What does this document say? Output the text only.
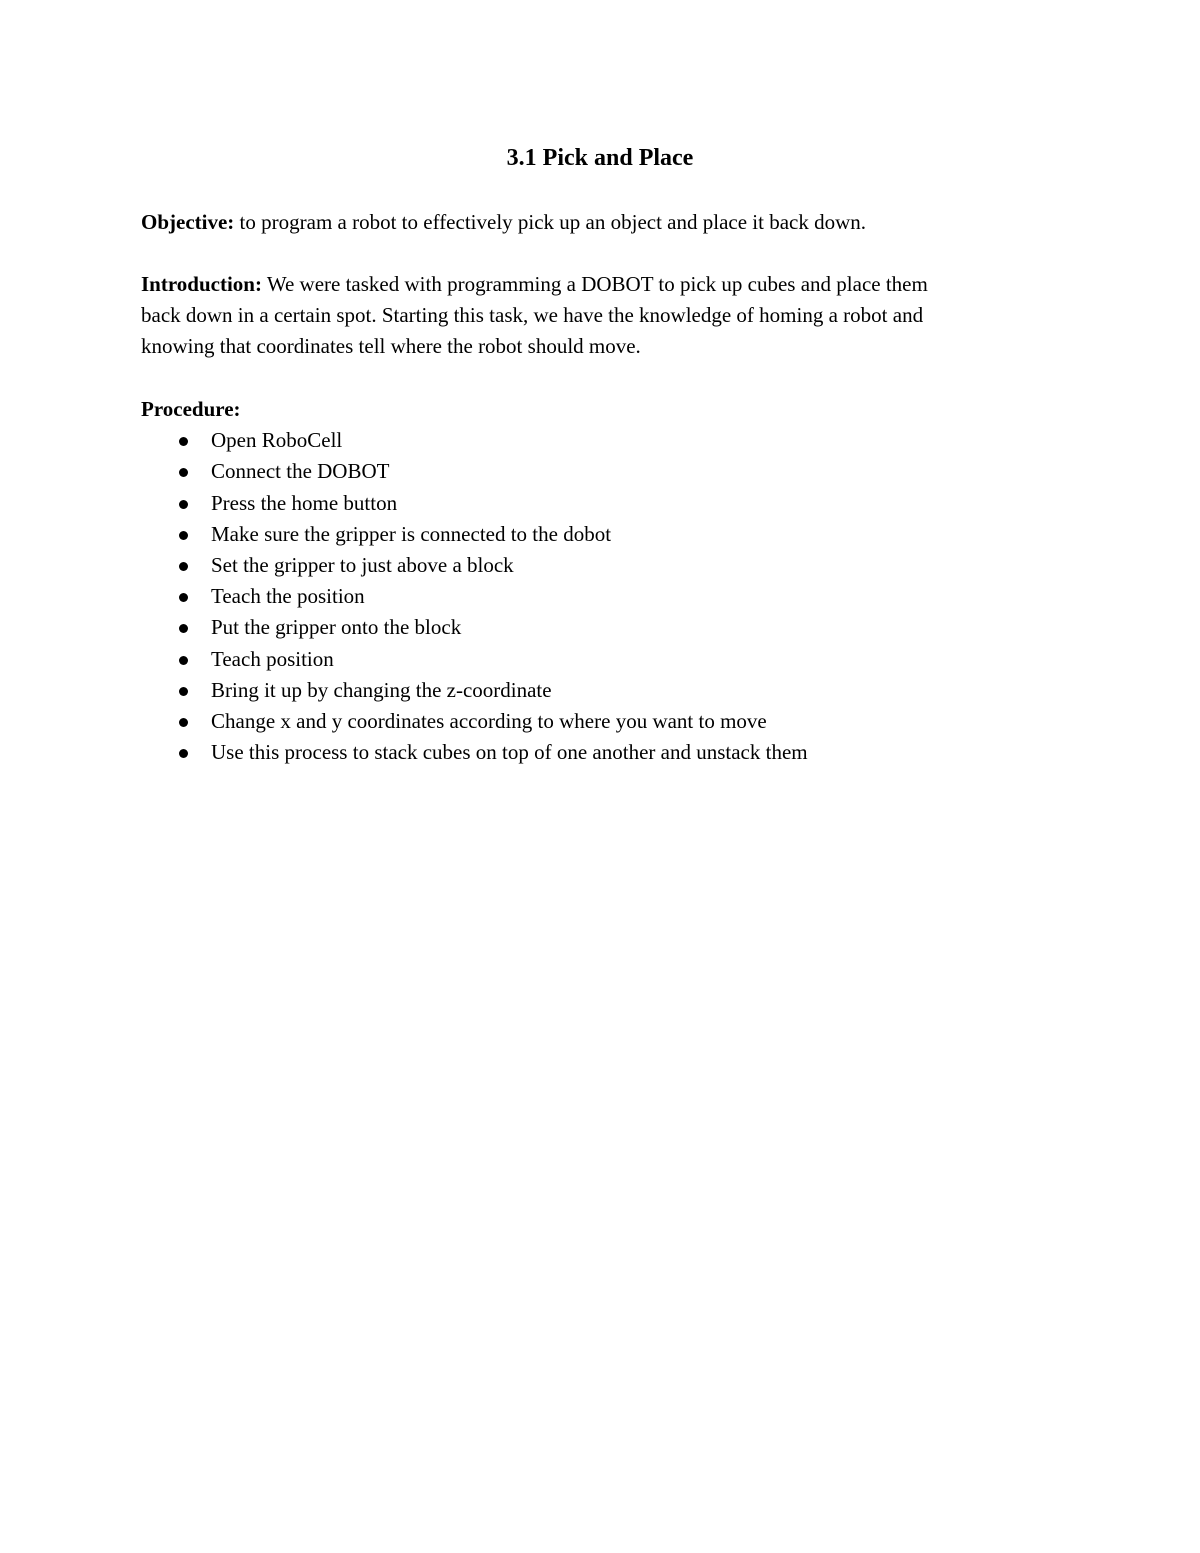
3.1 Pick and Place
Objective: to program a robot to effectively pick up an object and place it back down.
Introduction: We were tasked with programming a DOBOT to pick up cubes and place them
back down in a certain spot. Starting this task, we have the knowledge of homing a robot and
knowing that coordinates tell where the robot should move.
Procedure:
Open RoboCell
Connect the DOBOT
Press the home button
Make sure the gripper is connected to the dobot
Set the gripper to just above a block
Teach the position
Put the gripper onto the block
Teach position
Bring it up by changing the z-coordinate
Change x and y coordinates according to where you want to move
Use this process to stack cubes on top of one another and unstack them
